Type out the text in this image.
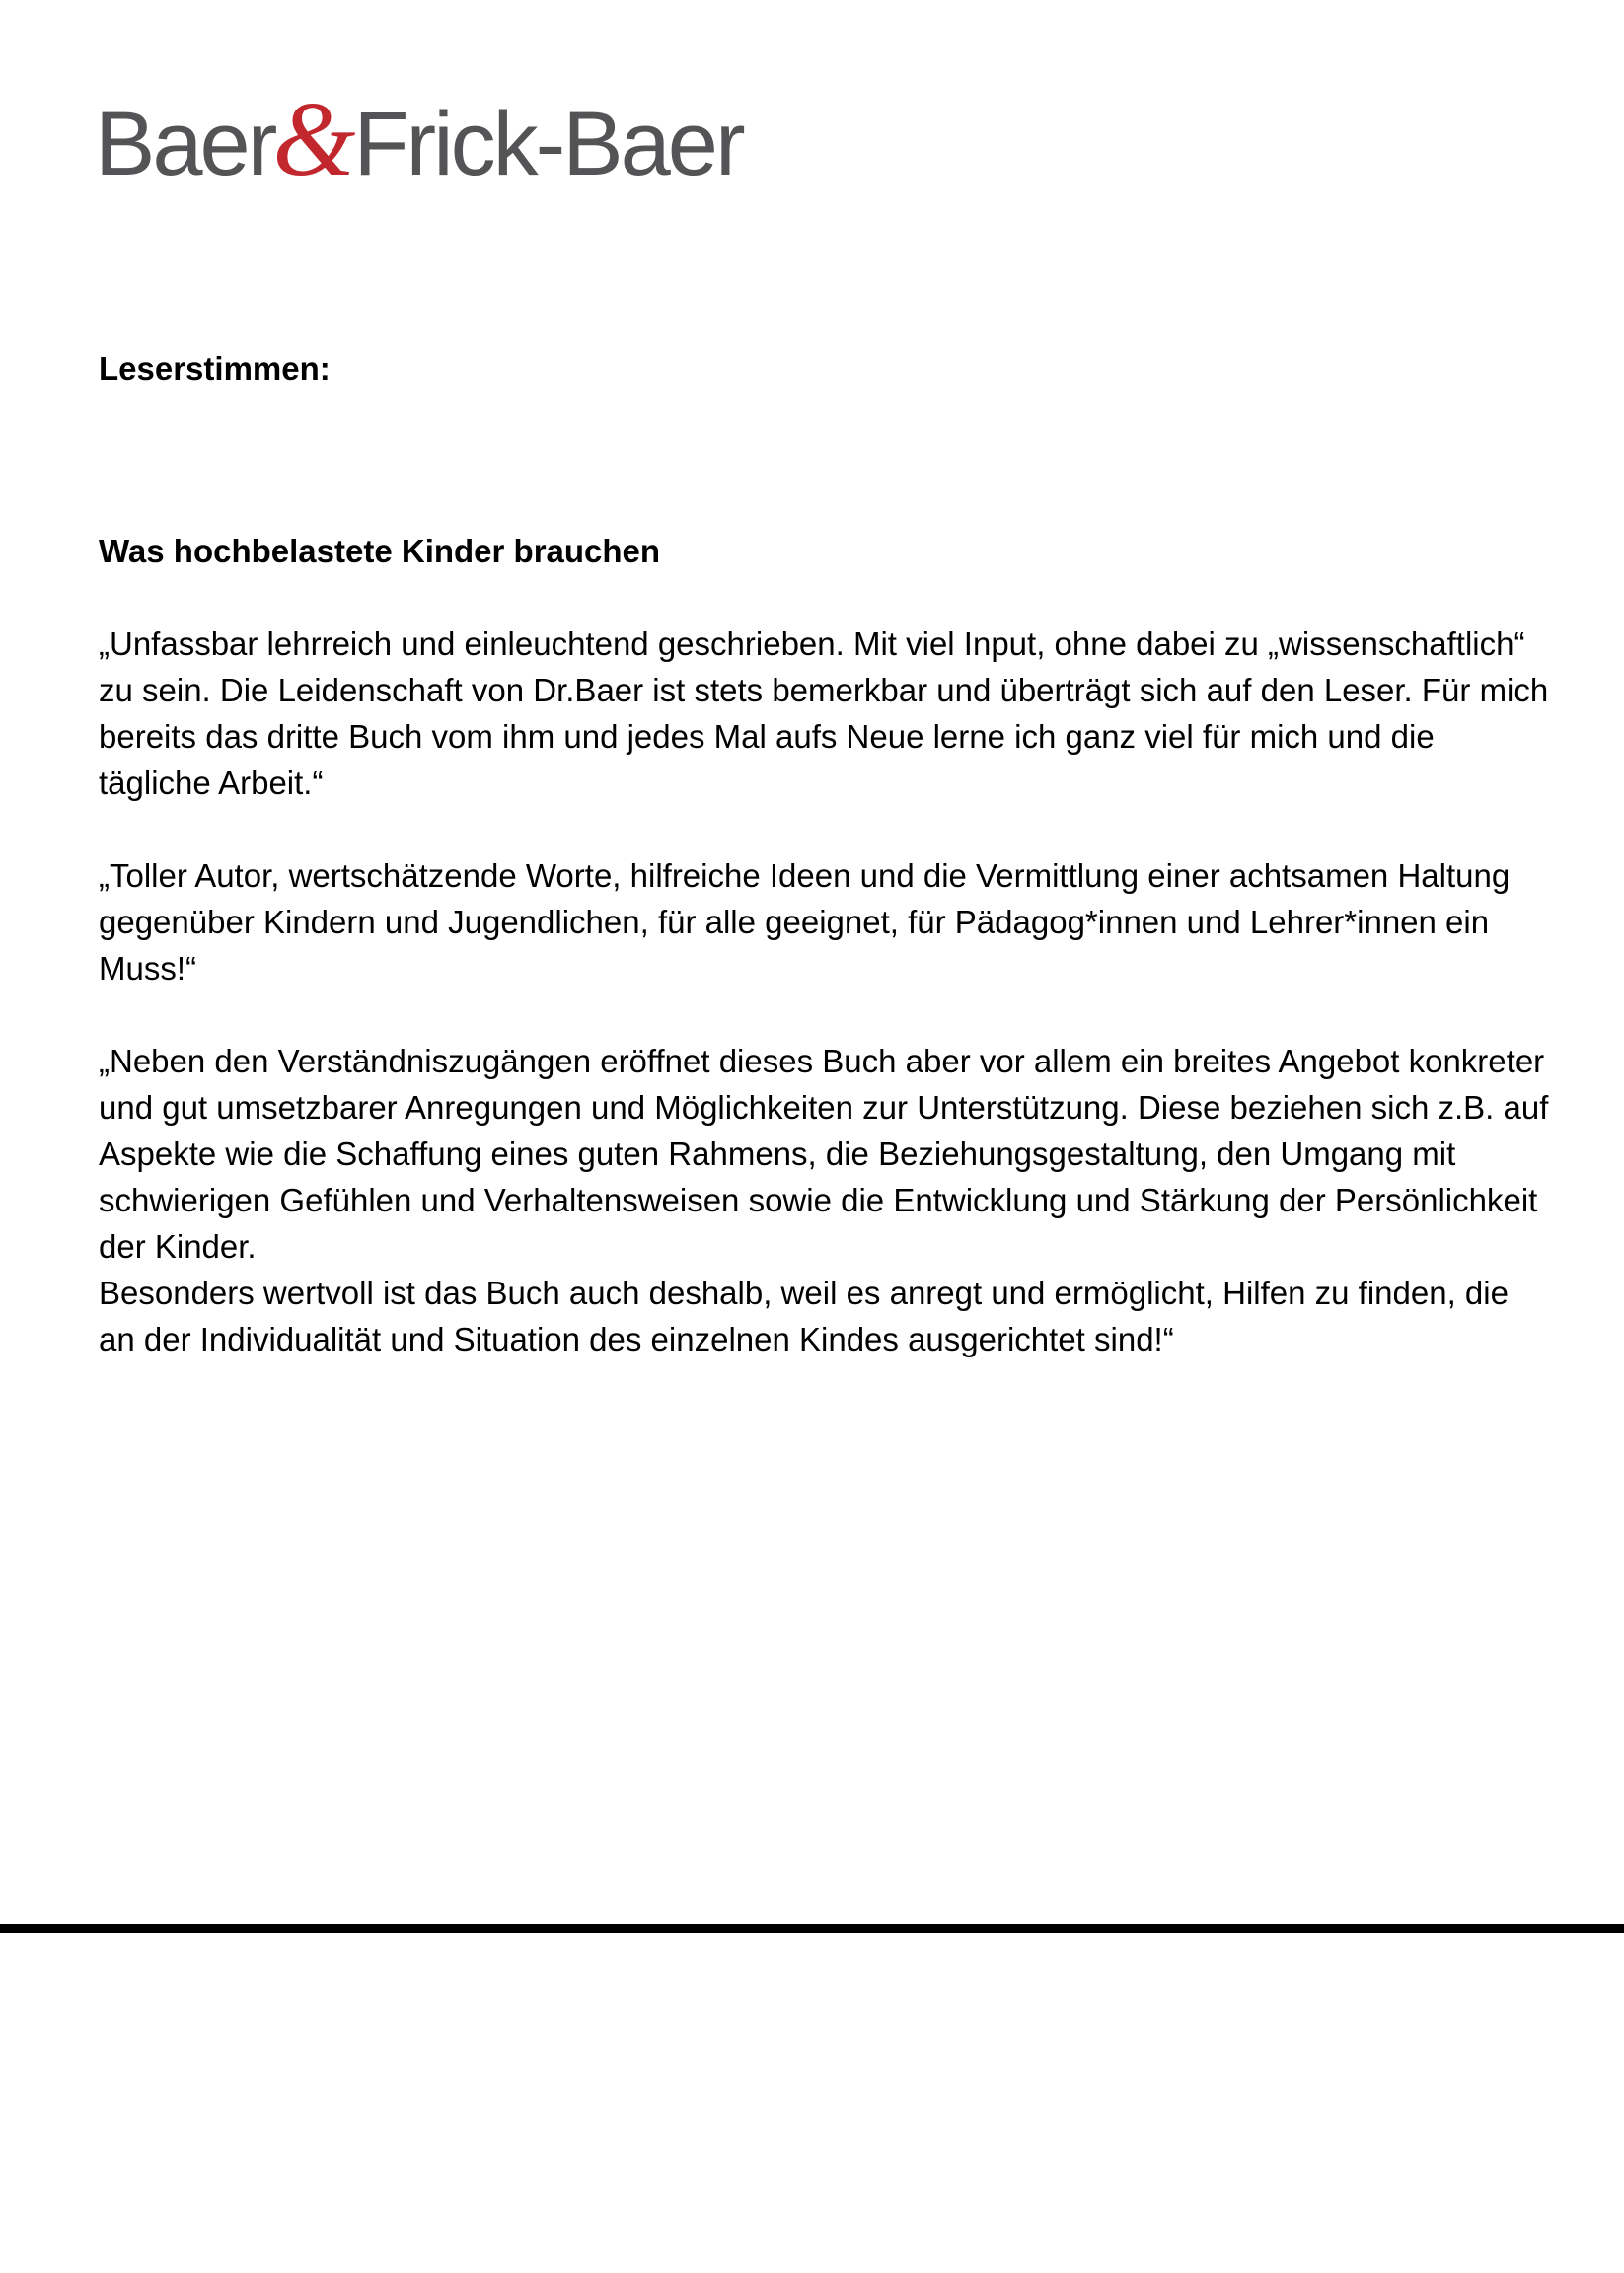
Baer&Frick-Baer
Leserstimmen:
Was hochbelastete Kinder brauchen

„Unfassbar lehrreich und einleuchtend geschrieben. Mit viel Input, ohne dabei zu „wissenschaftlich“ zu sein. Die Leidenschaft von Dr.Baer ist stets bemerkbar und überträgt sich auf den Leser. Für mich bereits das dritte Buch vom ihm und jedes Mal aufs Neue lerne ich ganz viel für mich und die tägliche Arbeit.“

„Toller Autor, wertschätzende Worte, hilfreiche Ideen und die Vermittlung einer achtsamen Haltung gegenüber Kindern und Jugendlichen, für alle geeignet, für Pädagog*innen und Lehrer*innen ein Muss!“

„Neben den Verständniszugängen eröffnet dieses Buch aber vor allem ein breites Angebot konkreter und gut umsetzbarer Anregungen und Möglichkeiten zur Unterstützung. Diese beziehen sich z.B. auf Aspekte wie die Schaffung eines guten Rahmens, die Beziehungsgestaltung, den Umgang mit schwierigen Gefühlen und Verhaltensweisen sowie die Entwicklung und Stärkung der Persönlichkeit der Kinder.

Besonders wertvoll ist das Buch auch deshalb, weil es anregt und ermöglicht, Hilfen zu finden, die an der Individualität und Situation des einzelnen Kindes ausgerichtet sind!“
